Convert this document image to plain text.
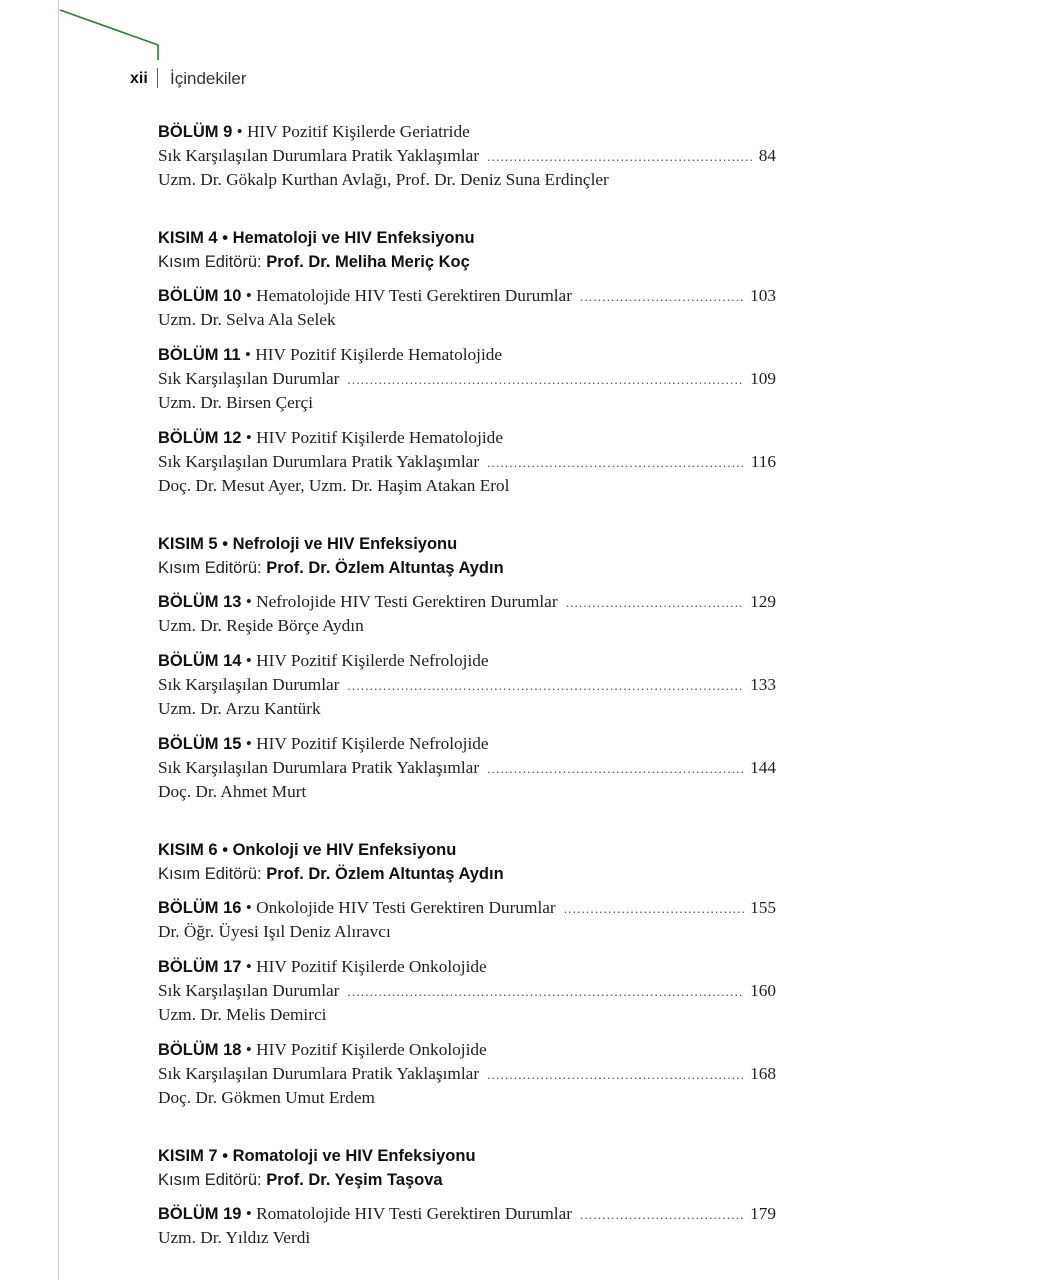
xii İçindekiler
BÖLÜM 9 • HIV Pozitif Kişilerde Geriatride
Sık Karşılaşılan Durumlara Pratik Yaklaşımlar .....	84
Uzm. Dr. Gökalp Kurthan Avlağı, Prof. Dr. Deniz Suna Erdinçler
KISIM 4 • Hematoloji ve HIV Enfeksiyonu
Kısım Editörü:
Prof. Dr. Meliha Meriç Koç
BÖLÜM 10 • Hematolojide HIV Testi Gerektiren Durumlar .....	103
Uzm. Dr. Selva Ala Selek
BÖLÜM 11 • HIV Pozitif Kişilerde Hematolojide
Sık Karşılaşılan Durumlar .....	109
Uzm. Dr. Birsen Çerçi
BÖLÜM 12 • HIV Pozitif Kişilerde Hematolojide
Sık Karşılaşılan Durumlara Pratik Yaklaşımlar .....	116
Doç. Dr. Mesut Ayer, Uzm. Dr. Haşim Atakan Erol
KISIM 5 • Nefroloji ve HIV Enfeksiyonu
Kısım Editörü:
Prof. Dr. Özlem Altuntaş Aydın
BÖLÜM 13 • Nefrolojide HIV Testi Gerektiren Durumlar .....	129
Uzm. Dr. Reşide Börçe Aydın
BÖLÜM 14 • HIV Pozitif Kişilerde Nefrolojide
Sık Karşılaşılan Durumlar .....	133
Uzm. Dr. Arzu Kantürk
BÖLÜM 15 • HIV Pozitif Kişilerde Nefrolojide
Sık Karşılaşılan Durumlara Pratik Yaklaşımlar .....	144
Doç. Dr. Ahmet Murt
KISIM 6 • Onkoloji ve HIV Enfeksiyonu
Kısım Editörü:
Prof. Dr. Özlem Altuntaş Aydın
BÖLÜM 16 • Onkolojide HIV Testi Gerektiren Durumlar .....	155
Dr. Öğr. Üyesi Işıl Deniz Alıravcı
BÖLÜM 17 • HIV Pozitif Kişilerde Onkolojide
Sık Karşılaşılan Durumlar .....	160
Uzm. Dr. Melis Demirci
BÖLÜM 18 • HIV Pozitif Kişilerde Onkolojide
Sık Karşılaşılan Durumlara Pratik Yaklaşımlar .....	168
Doç. Dr. Gökmen Umut Erdem
KISIM 7 • Romatoloji ve HIV Enfeksiyonu
Kısım Editörü:
Prof. Dr. Yeşim Taşova
BÖLÜM 19 • Romatolojide HIV Testi Gerektiren Durumlar .....	179
Uzm. Dr. Yıldız Verdi
